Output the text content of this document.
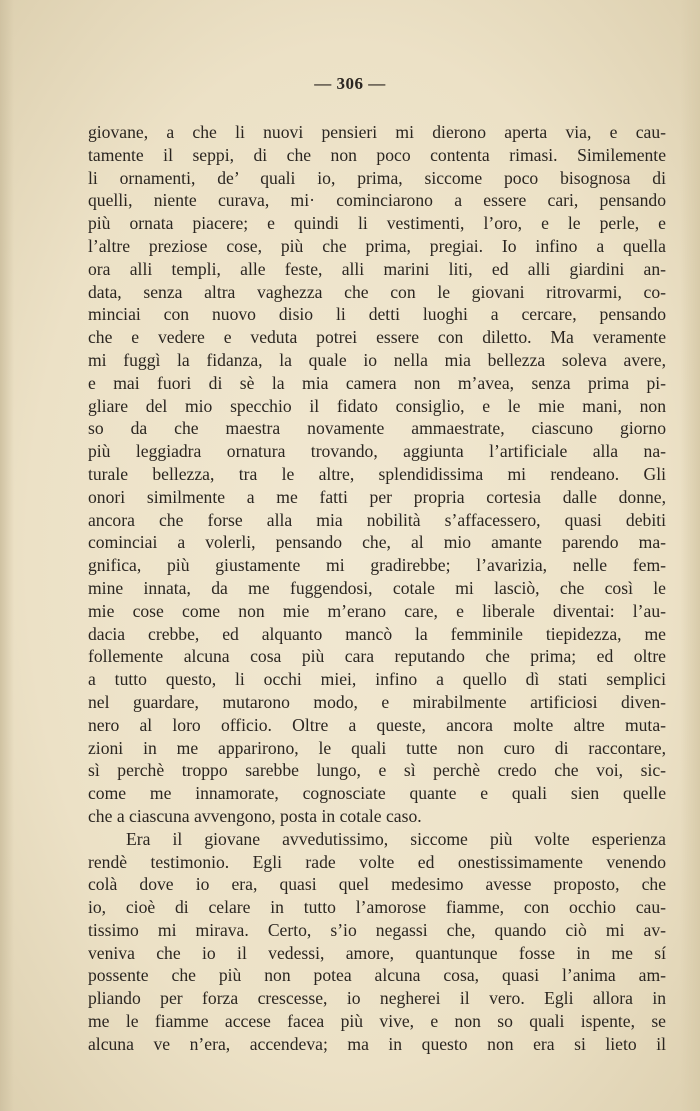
— 306 —
giovane, a che li nuovi pensieri mi dierono aperta via, e cau-
tamente il seppi, di che non poco contenta rimasi. Similemente
li ornamenti, de’ quali io, prima, siccome poco bisognosa di
quelli, niente curava, mi· cominciarono a essere cari, pensando
più ornata piacere; e quindi li vestimenti, l’oro, e le perle, e
l’altre preziose cose, più che prima, pregiai. Io infino a quella
ora alli templi, alle feste, alli marini liti, ed alli giardini an-
data, senza altra vaghezza che con le giovani ritrovarmi, co-
minciai con nuovo disio li detti luoghi a cercare, pensando
che e vedere e veduta potrei essere con diletto. Ma veramente
mi fuggì la fidanza, la quale io nella mia bellezza soleva avere,
e mai fuori di sè la mia camera non m’avea, senza prima pi-
gliare del mio specchio il fidato consiglio, e le mie mani, non
so da che maestra novamente ammaestrate, ciascuno giorno
più leggiadra ornatura trovando, aggiunta l’artificiale alla na-
turale bellezza, tra le altre, splendidissima mi rendeano. Gli
onori similmente a me fatti per propria cortesia dalle donne,
ancora che forse alla mia nobilità s’affacessero, quasi debiti
cominciai a volerli, pensando che, al mio amante parendo ma-
gnifica, più giustamente mi gradirebbe; l’avarizia, nelle fem-
mine innata, da me fuggendosi, cotale mi lasciò, che così le
mie cose come non mie m’erano care, e liberale diventai: l’au-
dacia crebbe, ed alquanto mancò la femminile tiepidezza, me
follemente alcuna cosa più cara reputando che prima; ed oltre
a tutto questo, li occhi miei, infino a quello dì stati semplici
nel guardare, mutarono modo, e mirabilmente artificiosi diven-
nero al loro officio. Oltre a queste, ancora molte altre muta-
zioni in me apparirono, le quali tutte non curo di raccontare,
sì perchè troppo sarebbe lungo, e sì perchè credo che voi, sic-
come me innamorate, cognosciate quante e quali sien quelle
che a ciascuna avvengono, posta in cotale caso.
Era il giovane avvedutissimo, siccome più volte esperienza
rendè testimonio. Egli rade volte ed onestissimamente venendo
colà dove io era, quasi quel medesimo avesse proposto, che
io, cioè di celare in tutto l’amorose fiamme, con occhio cau-
tissimo mi mirava. Certo, s’io negassi che, quando ciò mi av-
veniva che io il vedessi, amore, quantunque fosse in me sí
possente che più non potea alcuna cosa, quasi l’anima am-
pliando per forza crescesse, io negherei il vero. Egli allora in
me le fiamme accese facea più vive, e non so quali ispente, se
alcuna ve n’era, accendeva; ma in questo non era si lieto il
